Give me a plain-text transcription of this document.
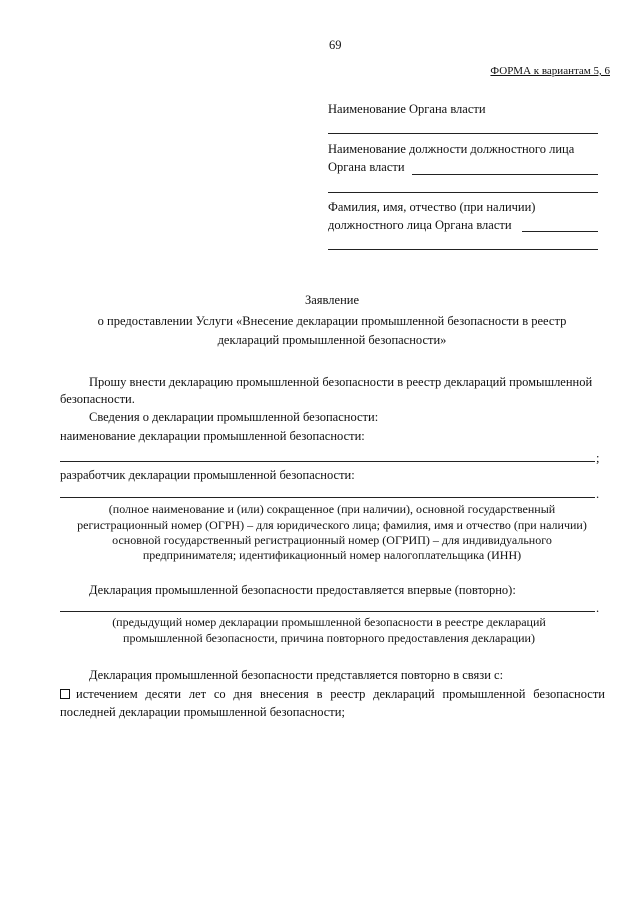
69
ФОРМА к вариантам 5, 6
Наименование Органа власти
Наименование должности должностного лица
Органа власти
Фамилия, имя, отчество (при наличии)
должностного лица Органа власти
Заявление
о предоставлении Услуги «Внесение декларации промышленной безопасности в реестр
деклараций промышленной безопасности»
Прошу внести декларацию промышленной безопасности в реестр деклараций промышленной
безопасности.
Сведения о декларации промышленной безопасности:
наименование декларации промышленной безопасности:
;
разработчик декларации промышленной безопасности:
.
(полное наименование и (или) сокращенное (при наличии), основной государственный
регистрационный номер (ОГРН) – для юридического лица; фамилия, имя и отчество (при наличии)
основной государственный регистрационный номер (ОГРИП) – для индивидуального
предпринимателя; идентификационный номер налогоплательщика (ИНН)
Декларация промышленной безопасности предоставляется впервые (повторно):
.
(предыдущий номер декларации промышленной безопасности в реестре деклараций
промышленной безопасности, причина повторного предоставления декларации)
Декларация промышленной безопасности представляется повторно в связи с:
истечением десяти лет со дня внесения в реестр деклараций промышленной безопасности
последней декларации промышленной безопасности;
